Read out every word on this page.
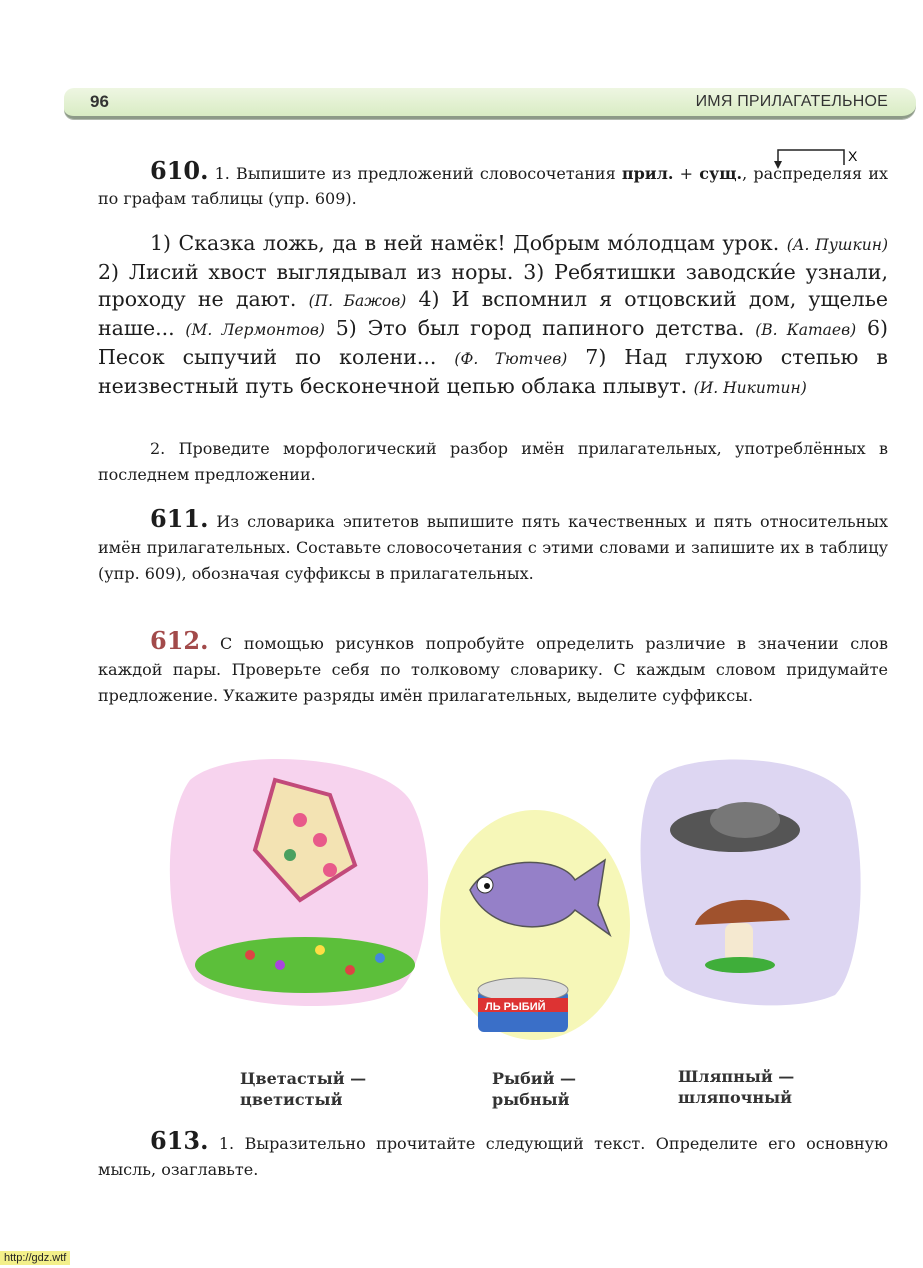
96	ИМЯ ПРИЛАГАТЕЛЬНОЕ
X
610. 1. Выпишите из предложений словосочетания прил. + сущ., распределяя их по графам таблицы (упр. 609).
1) Сказка ложь, да в ней намёк! Добрым мо́лодцам урок. (А. Пушкин) 2) Лисий хвост выглядывал из норы. 3) Ребятишки заводски́е узнали, проходу не дают. (П. Бажов) 4) И вспомнил я отцовский дом, ущелье наше... (М. Лермонтов) 5) Это был город папиного детства. (В. Катаев) 6) Песок сыпучий по колени... (Ф. Тютчев) 7) Над глухою степью в неизвестный путь бесконечной цепью облака плывут. (И. Никитин)
2. Проведите морфологический разбор имён прилагательных, употреблённых в последнем предложении.
611. Из словарика эпитетов выпишите пять качественных и пять относительных имён прилагательных. Составьте словосочетания с этими словами и запишите их в таблицу (упр. 609), обозначая суффиксы в прилагательных.
612. С помощью рисунков попробуйте определить различие в значении слов каждой пары. Проверьте себя по толковому словарику. С каждым словом придумайте предложение. Укажите разряды имён прилагательных, выделите суффиксы.
ЛЬ РЫБИЙ
Цветастый —
цветистый
Рыбий —
рыбный
Шляпный —
шляпочный
613. 1. Выразительно прочитайте следующий текст. Определите его основную мысль, озаглавьте.
http://gdz.wtf
